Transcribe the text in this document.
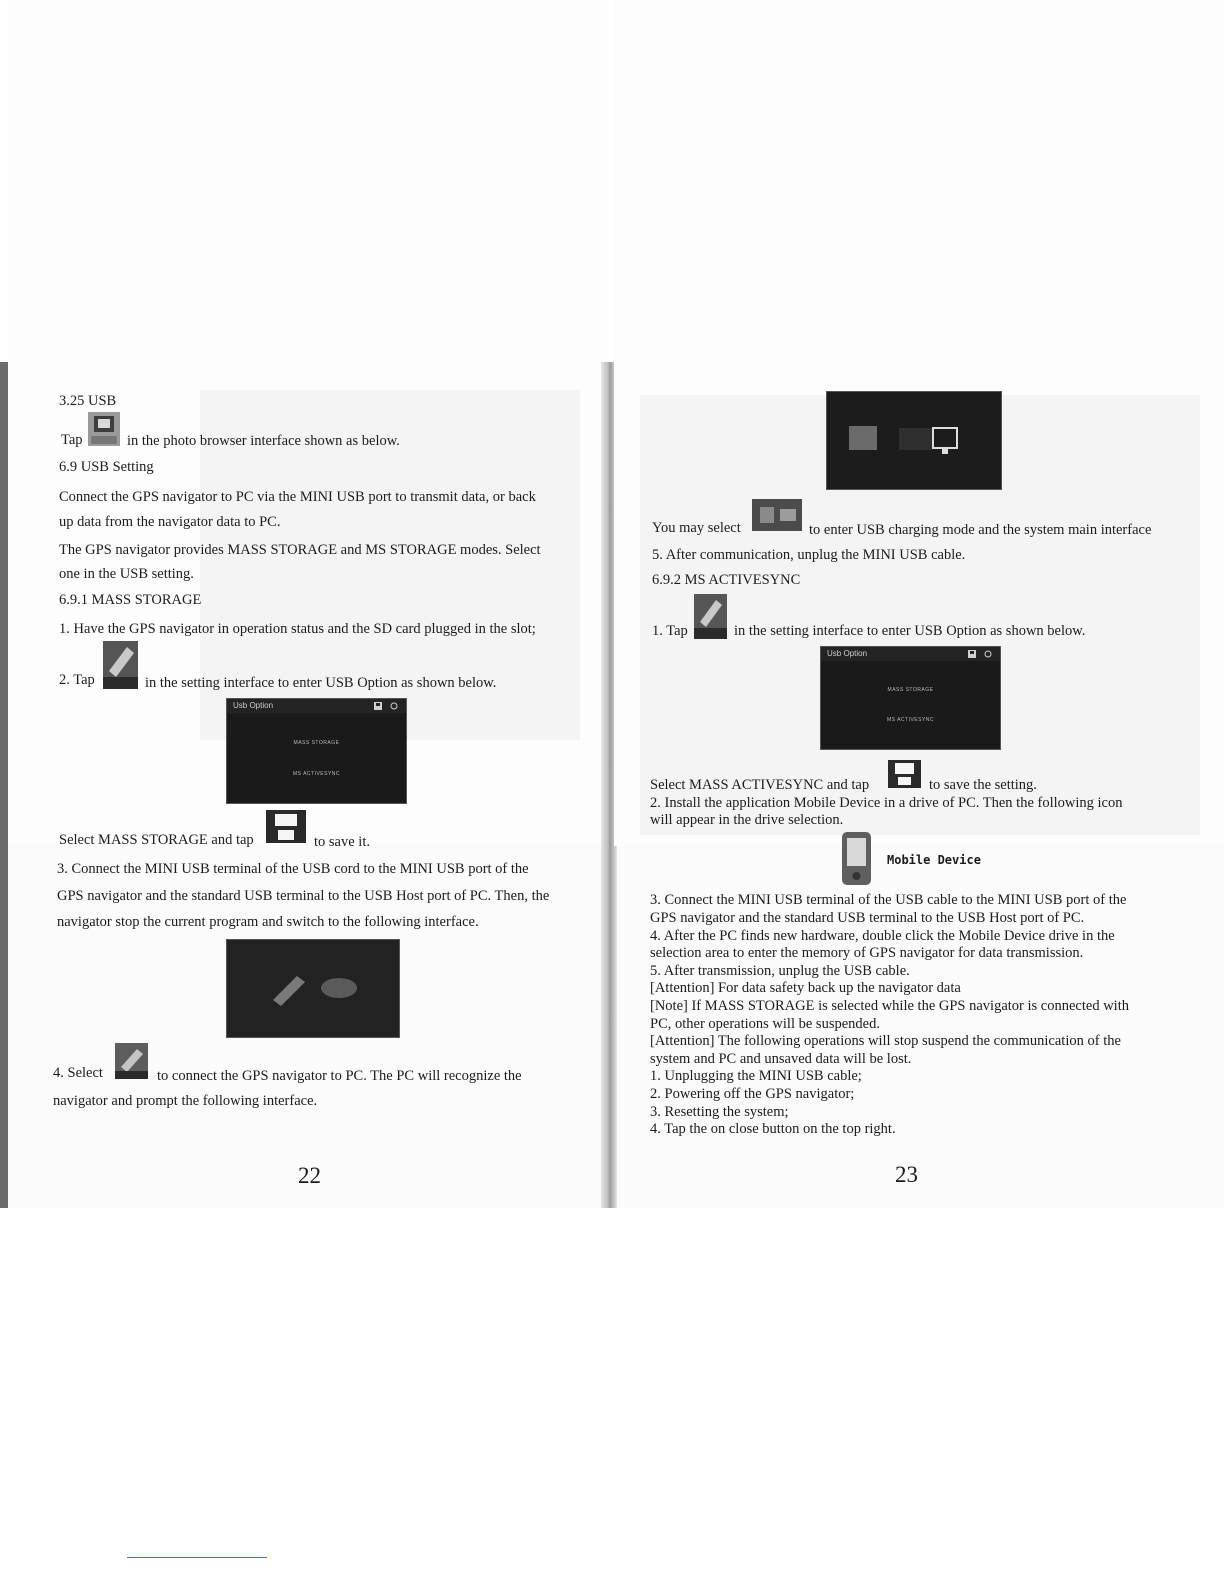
3.25 USB
Tap	in the photo browser interface shown as below.
6.9 USB Setting
Connect the GPS navigator to PC via the MINI USB port to transmit data, or back
up data from the navigator data to PC.
The GPS navigator provides MASS STORAGE and MS STORAGE modes. Select
one in the USB setting.
6.9.1 MASS STORAGE
1. Have the GPS navigator in operation status and the SD card plugged in the slot;
2. Tap	in the setting interface to enter USB Option as shown below.
Usb Option
MASS STORAGE
MS ACTIVESYNC
Select MASS STORAGE and tap	to save it.
3. Connect the MINI USB terminal of the USB cord to the MINI USB port of the
GPS navigator and the standard USB terminal to the USB Host port of PC. Then, the
navigator stop the current program and switch to the following interface.
4. Select	to connect the GPS navigator to PC. The PC will recognize the
navigator and prompt the following interface.
22
You may select	to enter USB charging mode and the system main interface
5. After communication, unplug the MINI USB cable.
6.9.2 MS ACTIVESYNC
1. Tap	in the setting interface to enter USB Option as shown below.
Usb Option
MASS STORAGE
MS ACTIVESYNC
Select MASS ACTIVESYNC and tap	to save the setting.
2. Install the application Mobile Device in a drive of PC. Then the following icon
will appear in the drive selection.
Mobile Device
3. Connect the MINI USB terminal of the USB cable to the MINI USB port of the
GPS navigator and the standard USB terminal to the USB Host port of PC.
4. After the PC finds new hardware, double click the Mobile Device drive in the
selection area to enter the memory of GPS navigator for data transmission.
5. After transmission, unplug the USB cable.
[Attention] For data safety back up the navigator data
[Note] If MASS STORAGE is selected while the GPS navigator is connected with
PC, other operations will be suspended.
[Attention] The following operations will stop suspend the communication of the
system and PC and unsaved data will be lost.
1. Unplugging the MINI USB cable;
2. Powering off the GPS navigator;
3. Resetting the system;
4. Tap the on close button on the top right.
23
